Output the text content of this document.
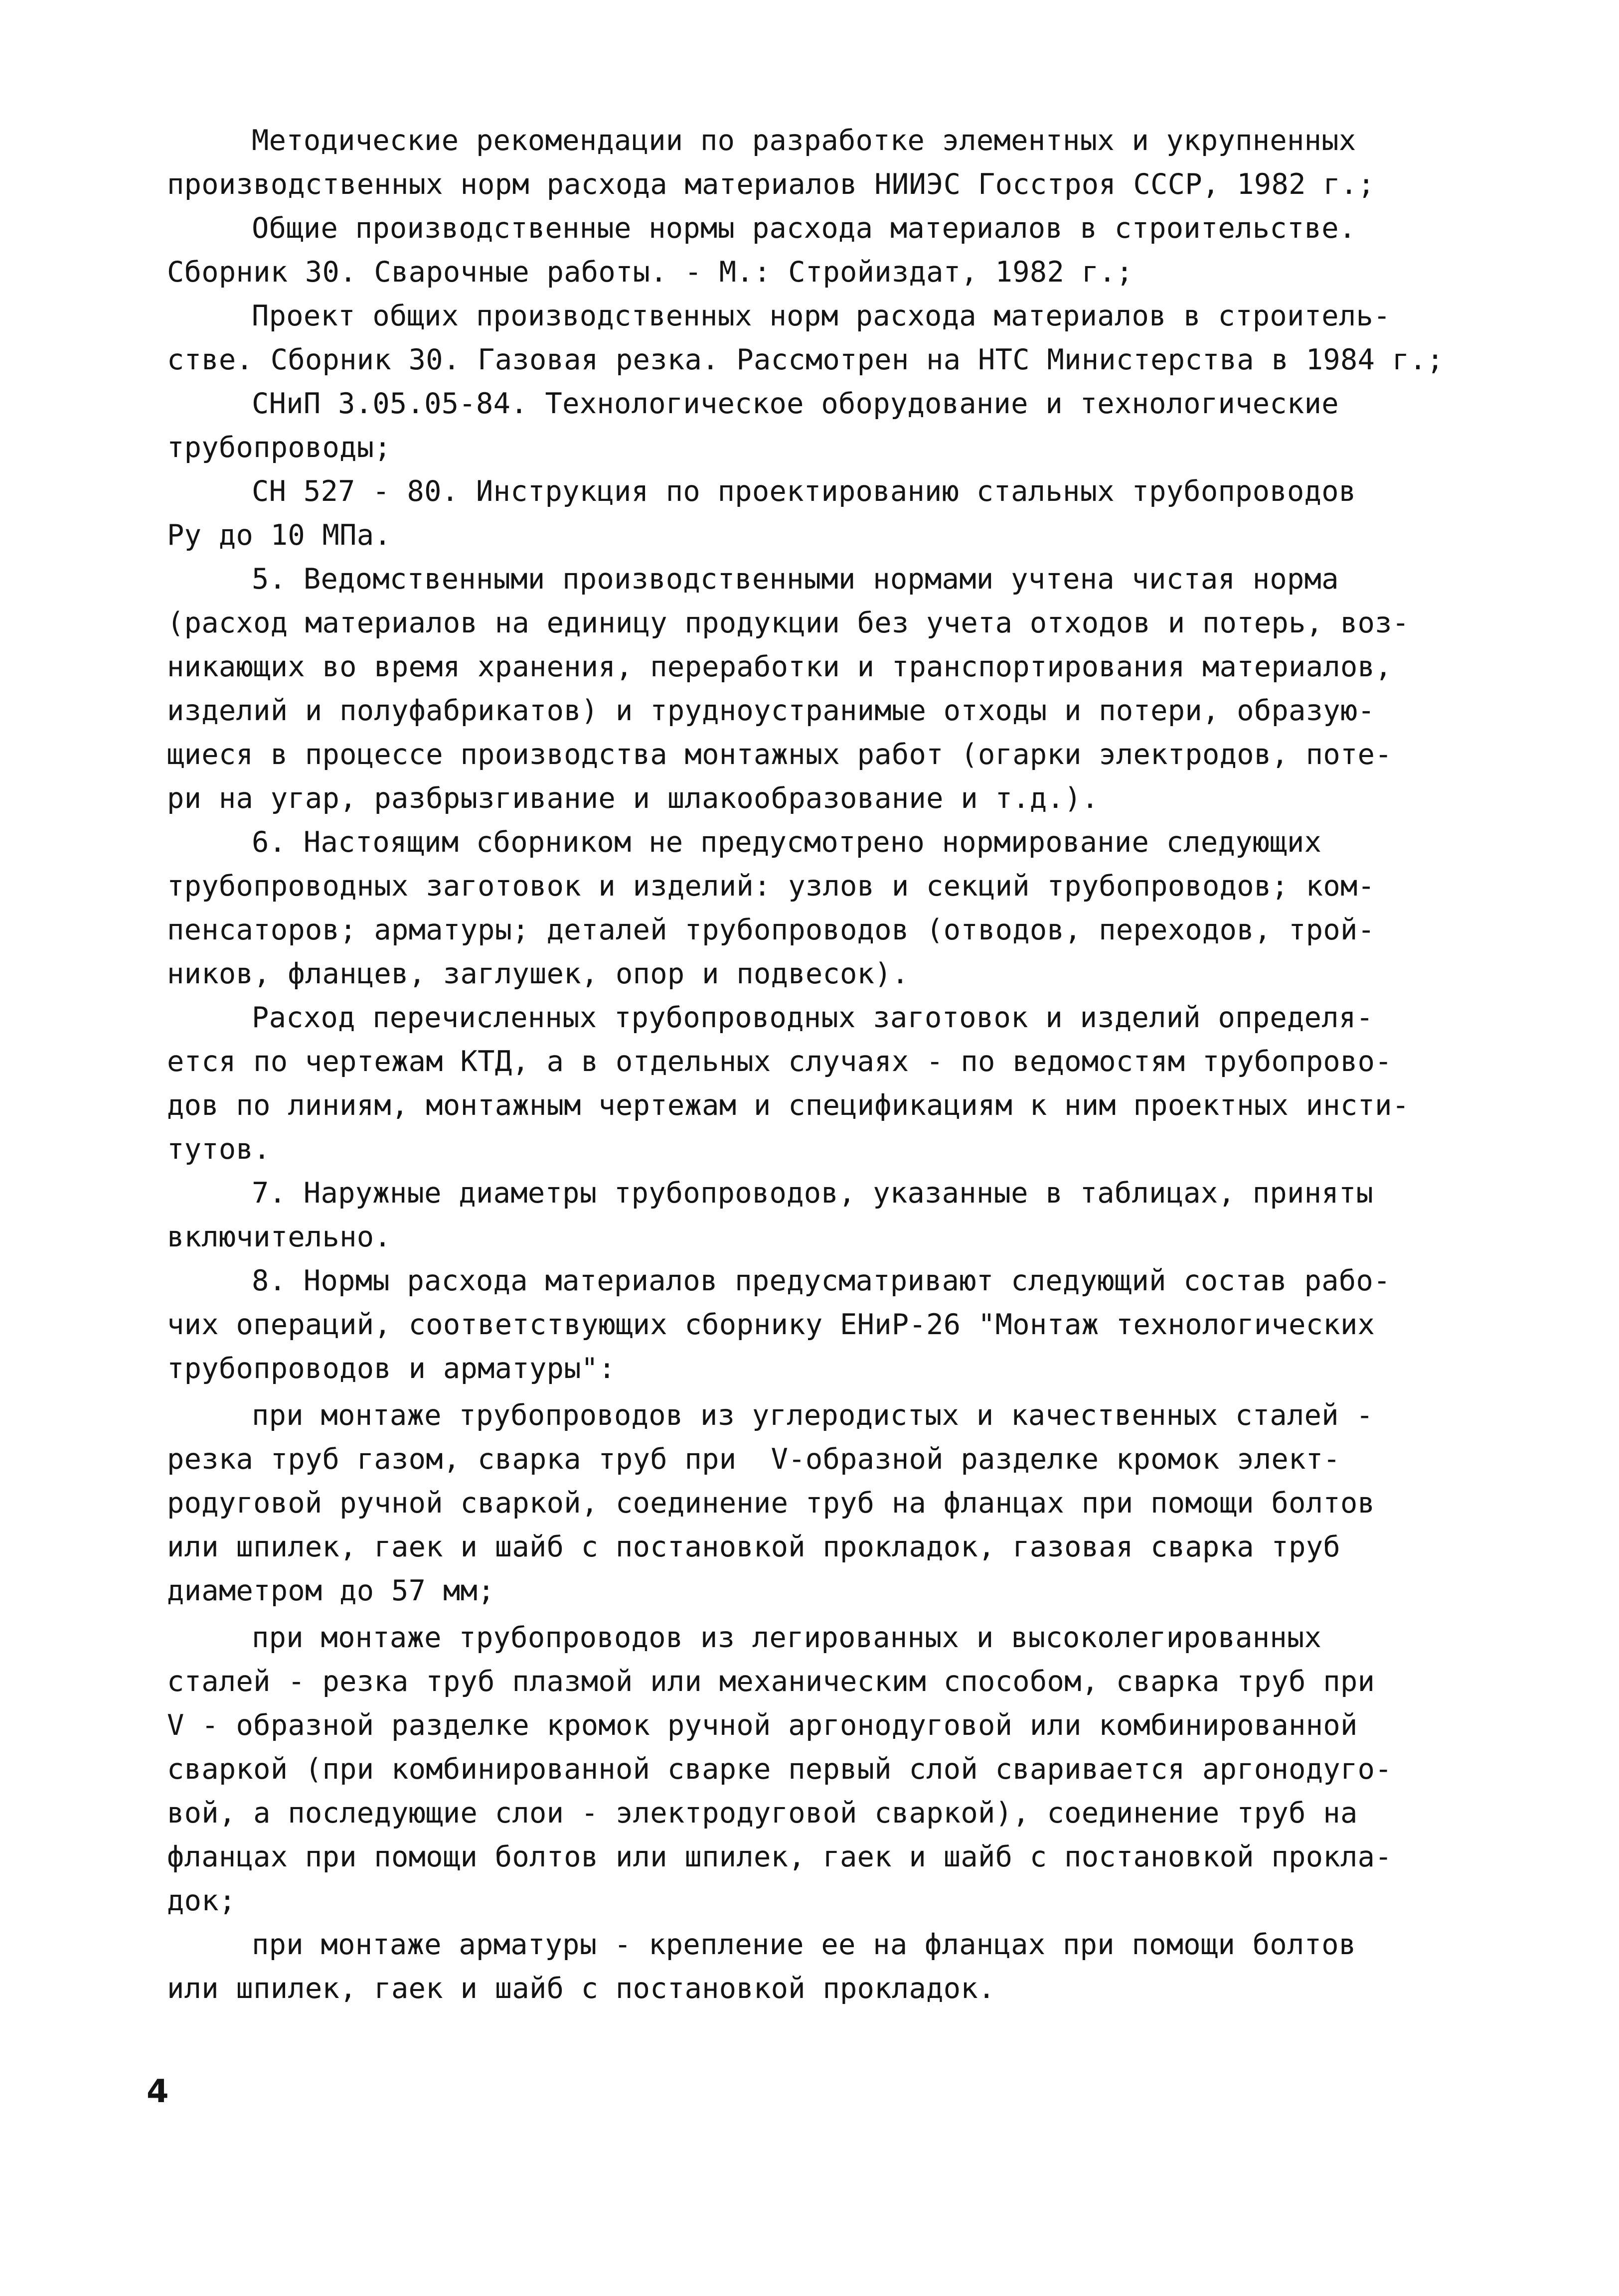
Методические рекомендации по разработке элементных и укрупненных
производственных норм расхода материалов НИИЭС Госстроя СССР, 1982 г.;
Общие производственные нормы расхода материалов в строительстве.
Сборник 30. Сварочные работы. - М.: Стройиздат, 1982 г.;
Проект общих производственных норм расхода материалов в строитель-
стве. Сборник 30. Газовая резка. Рассмотрен на НТС Министерства в 1984 г.;
СНиП 3.05.05-84. Технологическое оборудование и технологические
трубопроводы;
СН 527 - 80. Инструкция по проектированию стальных трубопроводов
Pу до 10 МПа.
5. Ведомственными производственными нормами учтена чистая норма
(расход материалов на единицу продукции без учета отходов и потерь, воз-
никающих во время хранения, переработки и транспортирования материалов,
изделий и полуфабрикатов) и трудноустранимые отходы и потери, образую-
щиеся в процессе производства монтажных работ (огарки электродов, поте-
ри на угар, разбрызгивание и шлакообразование и т.д.).
6. Настоящим сборником не предусмотрено нормирование следующих
трубопроводных заготовок и изделий: узлов и секций трубопроводов; ком-
пенсаторов; арматуры; деталей трубопроводов (отводов, переходов, трой-
ников, фланцев, заглушек, опор и подвесок).
Расход перечисленных трубопроводных заготовок и изделий определя-
ется по чертежам КТД, а в отдельных случаях - по ведомостям трубопрово-
дов по линиям, монтажным чертежам и спецификациям к ним проектных инсти-
тутов.
7. Наружные диаметры трубопроводов, указанные в таблицах, приняты
включительно.
8. Нормы расхода материалов предусматривают следующий состав рабо-
чих операций, соответствующих сборнику ЕНиР-26 "Монтаж технологических
трубопроводов и арматуры":
при монтаже трубопроводов из углеродистых и качественных сталей -
резка труб газом, сварка труб при  V-образной разделке кромок элект-
родуговой ручной сваркой, соединение труб на фланцах при помощи болтов
или шпилек, гаек и шайб с постановкой прокладок, газовая сварка труб
диаметром до 57 мм;
при монтаже трубопроводов из легированных и высоколегированных
сталей - резка труб плазмой или механическим способом, сварка труб при
V - образной разделке кромок ручной аргонодуговой или комбинированной
сваркой (при комбинированной сварке первый слой сваривается аргонодуго-
вой, а последующие слои - электродуговой сваркой), соединение труб на
фланцах при помощи болтов или шпилек, гаек и шайб с постановкой прокла-
док;
при монтаже арматуры - крепление ее на фланцах при помощи болтов
или шпилек, гаек и шайб с постановкой прокладок.
4
